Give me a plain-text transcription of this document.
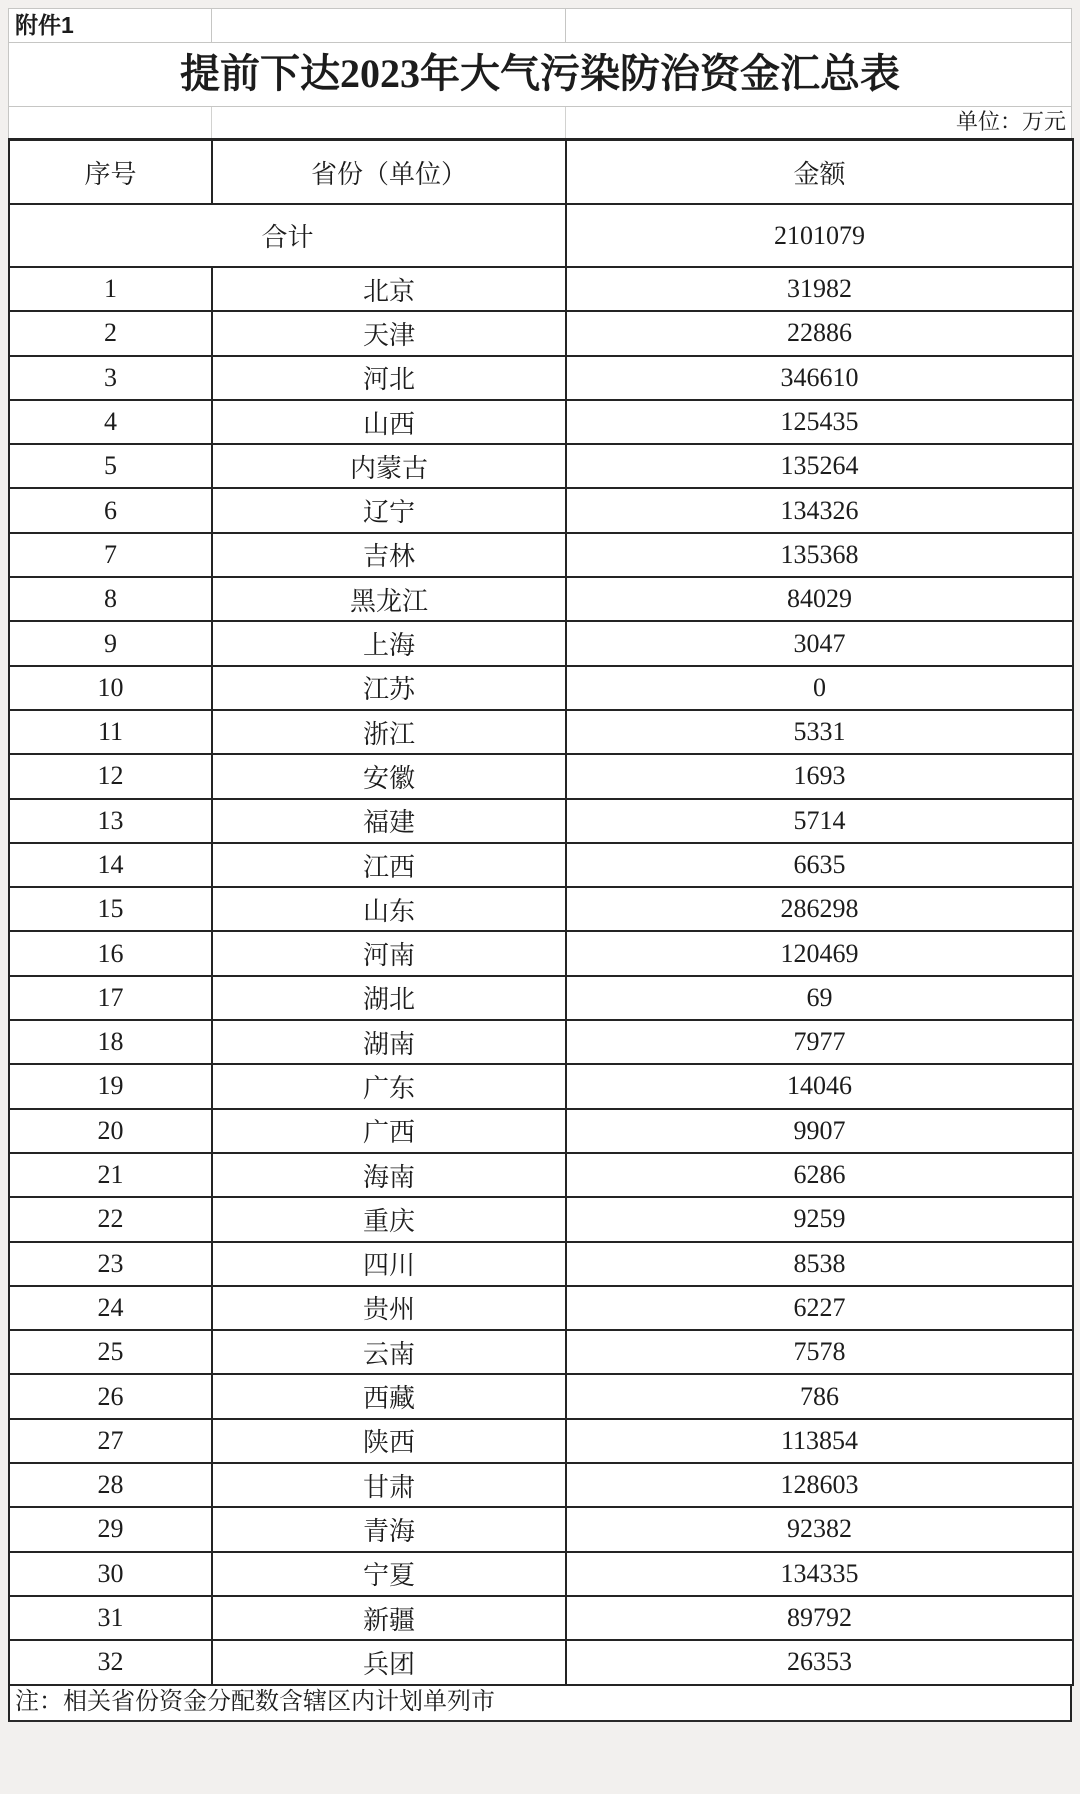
附件1
提前下达2023年大气污染防治资金汇总表
单位：万元
序号	省份（单位）	金额
合计		2101079
1	北京	31982
2	天津	22886
3	河北	346610
4	山西	125435
5	内蒙古	135264
6	辽宁	134326
7	吉林	135368
8	黑龙江	84029
9	上海	3047
10	江苏	0
11	浙江	5331
12	安徽	1693
13	福建	5714
14	江西	6635
15	山东	286298
16	河南	120469
17	湖北	69
18	湖南	7977
19	广东	14046
20	广西	9907
21	海南	6286
22	重庆	9259
23	四川	8538
24	贵州	6227
25	云南	7578
26	西藏	786
27	陕西	113854
28	甘肃	128603
29	青海	92382
30	宁夏	134335
31	新疆	89792
32	兵团	26353
注：相关省份资金分配数含辖区内计划单列市
